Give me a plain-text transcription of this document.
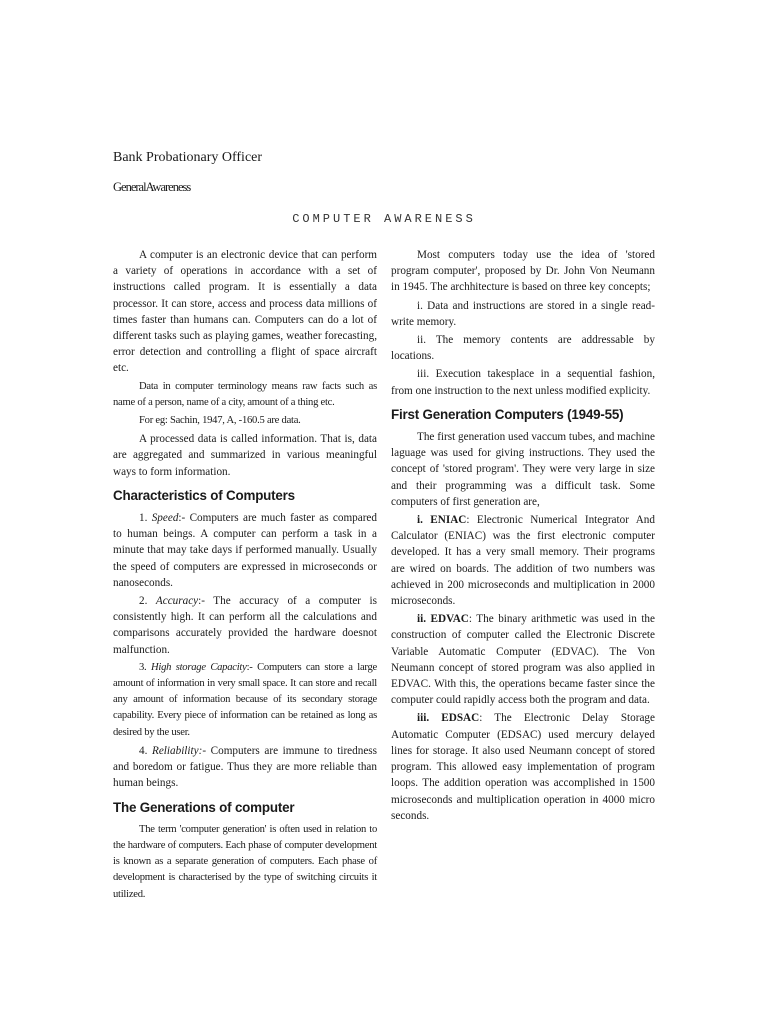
Bank Probationary Officer
GeneralAwareness
COMPUTER AWARENESS

A computer is an electronic device that can perform a variety of operations in accordance with a set of instructions called program. It is essentially a data processor. It can store, access and process data millions of times faster than humans can. Computers can do a lot of different tasks such as playing games, weather forecasting, error detection and controlling a flight of space aircraft etc.

Data in computer terminology means raw facts such as name of a person, name of a city, amount of a thing etc.

For eg: Sachin, 1947, A, -160.5 are data.

A processed data is called information. That is, data are aggregated and summarized in various meaningful ways to form information.

Characteristics of Computers

1. Speed:- Computers are much faster as compared to human beings. A computer can perform a task in a minute that may take days if performed manually. Usually the speed of computers are expressed in microseconds or nanoseconds.

2. Accuracy:- The accuracy of a computer is consistently high. It can perform all the calculations and comparisons accurately provided the hardware doesnot malfunction.

3. High storage Capacity:- Computers can store a large amount of information in very small space. It can store and recall any amount of information because of its secondary storage capability. Every piece of information can be retained as long as desired by the user.

4. Reliability:- Computers are immune to tiredness and boredom or fatigue. Thus they are more reliable than human beings.

The Generations of computer

The term 'computer generation' is often used in relation to the hardware of computers. Each phase of computer development is known as a separate generation of computers. Each phase of development is characterised by the type of switching circuits it utilized.

Most computers today use the idea of 'stored program computer', proposed by Dr. John Von Neumann in 1945. The archhitecture is based on three key concepts;

i. Data and instructions are stored in a single read-write memory.

ii. The memory contents are addressable by locations.

iii. Execution takesplace in a sequential fashion, from one instruction to the next unless modified explicity.

First Generation Computers (1949-55)

The first generation used vaccum tubes, and machine laguage was used for giving instructions. They used the concept of 'stored program'. They were very large in size and their programming was a difficult task. Some computers of first generation are,

i. ENIAC: Electronic Numerical Integrator And Calculator (ENIAC) was the first electronic computer developed. It has a very small memory. Their programs are wired on boards. The addition of two numbers was achieved in 200 microseconds and multiplication in 2000 microseconds.

ii. EDVAC: The binary arithmetic was used in the construction of computer called the Electronic Discrete Variable Automatic Computer (EDVAC). The Von Neumann concept of stored program was also applied in EDVAC. With this, the operations became faster since the computer could rapidly access both the program and data.

iii. EDSAC: The Electronic Delay Storage Automatic Computer (EDSAC) used mercury delayed lines for storage. It also used Neumann concept of stored program. This allowed easy implementation of program loops. The addition operation was accomplished in 1500 microseconds and multiplication operation in 4000 micro seconds.
